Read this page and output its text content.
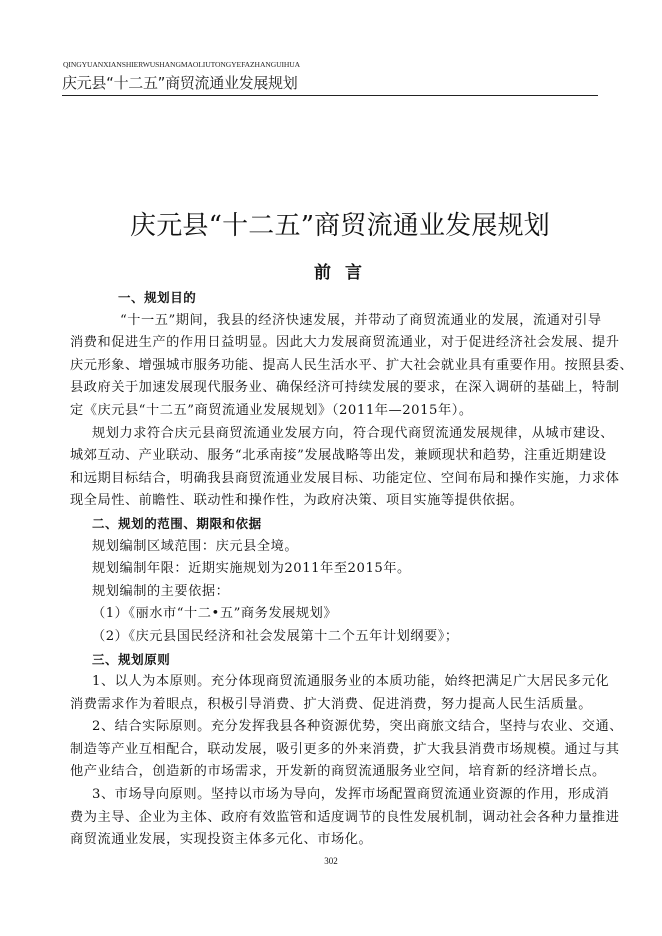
QINGYUANXIANSHIERWUSHANGMAOLIUTONGYEFAZHANGUIHUA
庆元县“十二五”商贸流通业发展规划
庆元县“十二五”商贸流通业发展规划
前言
一、规划目的
“十一五”期间，我县的经济快速发展，并带动了商贸流通业的发展，流通对引导
消费和促进生产的作用日益明显。因此大力发展商贸流通业，对于促进经济社会发展、提升
庆元形象、增强城市服务功能、提高人民生活水平、扩大社会就业具有重要作用。按照县委、
县政府关于加速发展现代服务业、确保经济可持续发展的要求，在深入调研的基础上，特制
定《庆元县“十二五”商贸流通业发展规划》（2011年—2015年）。
规划力求符合庆元县商贸流通业发展方向，符合现代商贸流通发展规律，从城市建设、
城郊互动、产业联动、服务“北承南接”发展战略等出发，兼顾现状和趋势，注重近期建设
和远期目标结合，明确我县商贸流通业发展目标、功能定位、空间布局和操作实施，力求体
现全局性、前瞻性、联动性和操作性，为政府决策、项目实施等提供依据。
二、规划的范围、期限和依据
规划编制区域范围：庆元县全境。
规划编制年限：近期实施规划为2011年至2015年。
规划编制的主要依据：
（1）《丽水市“十二•五”商务发展规划》
（2）《庆元县国民经济和社会发展第十二个五年计划纲要》；
三、规划原则
1、以人为本原则。充分体现商贸流通服务业的本质功能，始终把满足广大居民多元化
消费需求作为着眼点，积极引导消费、扩大消费、促进消费，努力提高人民生活质量。
2、结合实际原则。充分发挥我县各种资源优势，突出商旅文结合，坚持与农业、交通、
制造等产业互相配合，联动发展，吸引更多的外来消费，扩大我县消费市场规模。通过与其
他产业结合，创造新的市场需求，开发新的商贸流通服务业空间，培育新的经济增长点。
3、市场导向原则。坚持以市场为导向，发挥市场配置商贸流通业资源的作用，形成消
费为主导、企业为主体、政府有效监管和适度调节的良性发展机制，调动社会各种力量推进
商贸流通业发展，实现投资主体多元化、市场化。
302
